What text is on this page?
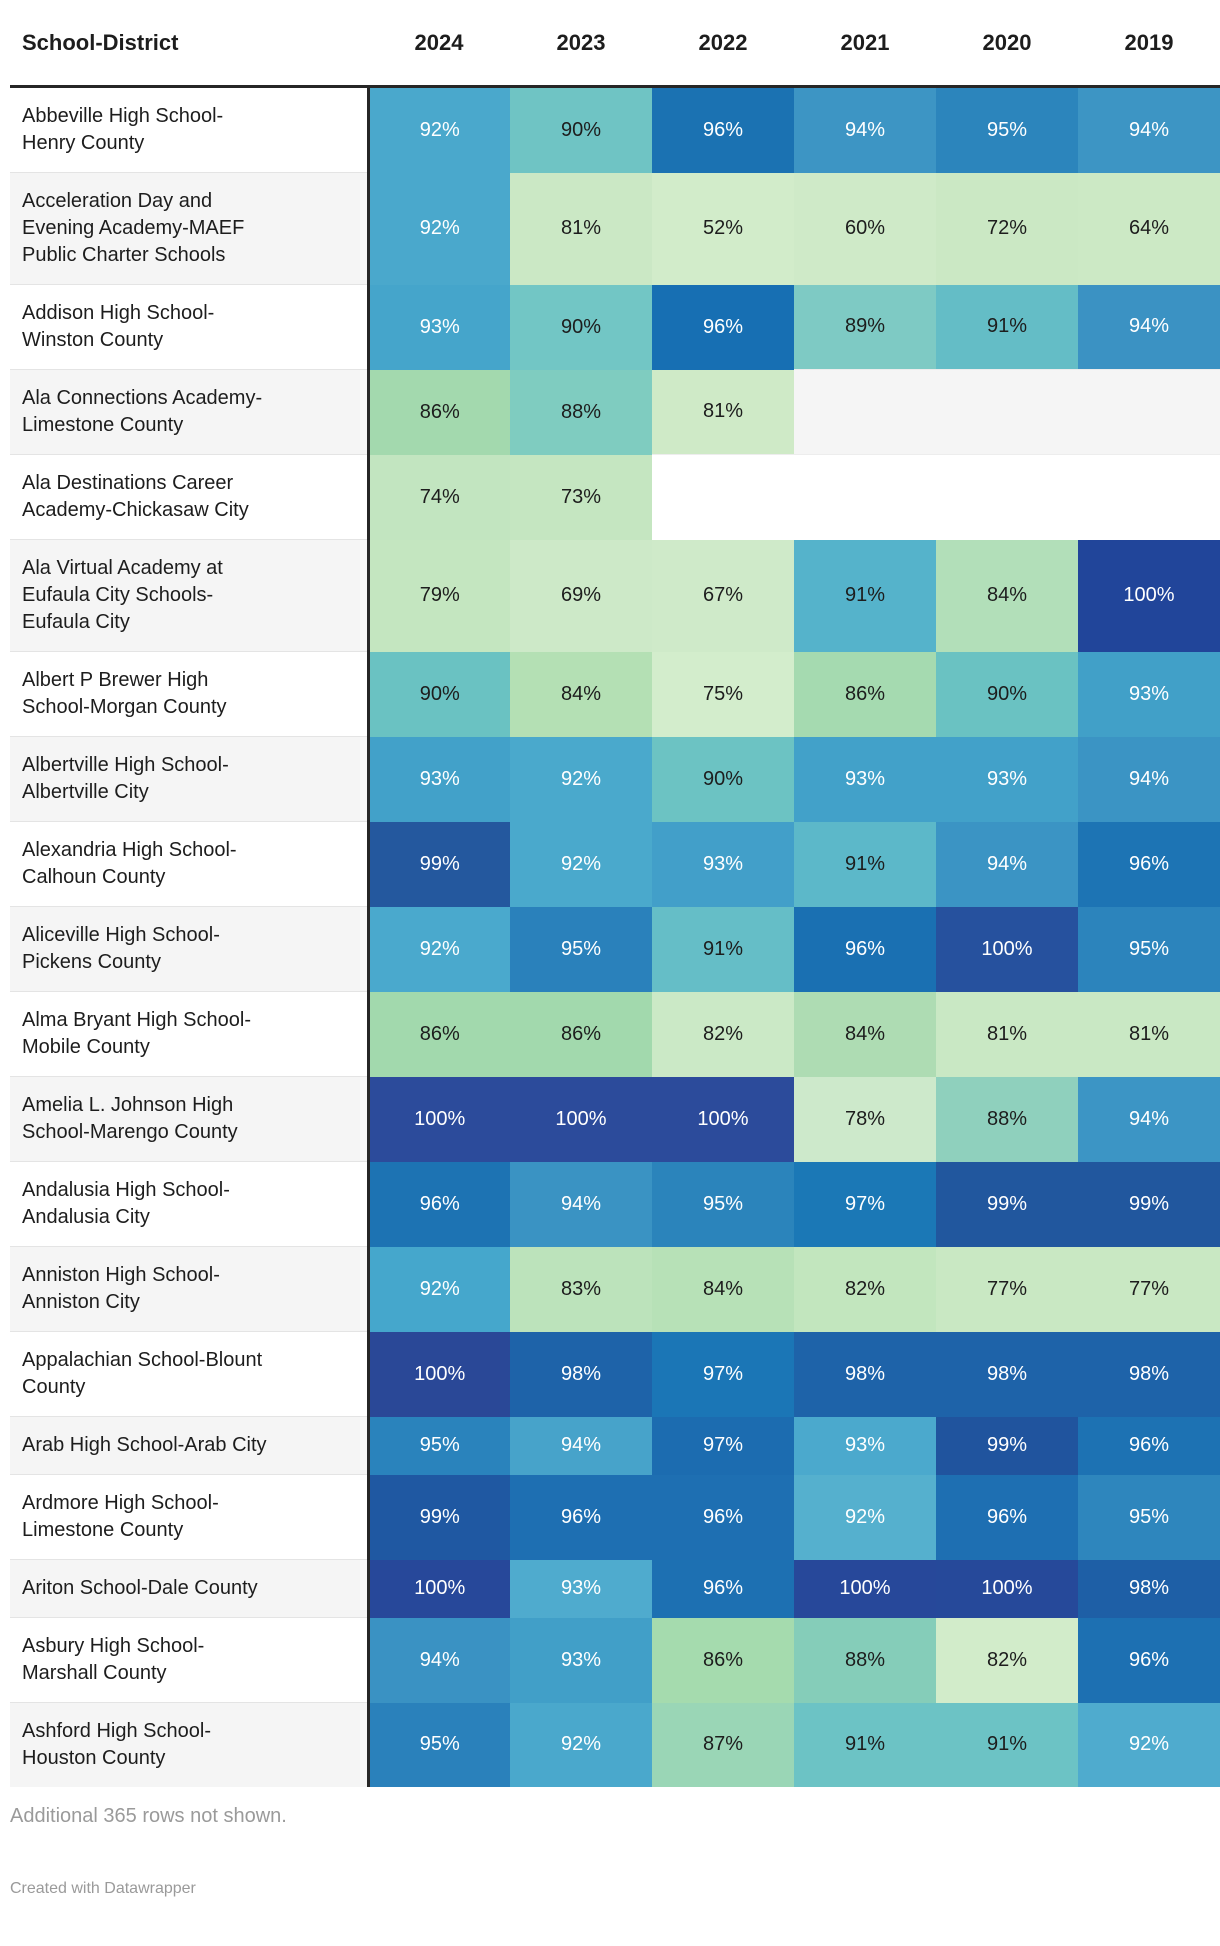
School-District	2024	2023	2022	2021	2020	2019
Abbeville High School-
Henry County	92%	90%	96%	94%	95%	94%
Acceleration Day and
Evening Academy-MAEF
Public Charter Schools	92%	81%	52%	60%	72%	64%
Addison High School-
Winston County	93%	90%	96%	89%	91%	94%
Ala Connections Academy-
Limestone County	86%	88%	81%			
Ala Destinations Career
Academy-Chickasaw City	74%	73%				
Ala Virtual Academy at
Eufaula City Schools-
Eufaula City	79%	69%	67%	91%	84%	100%
Albert P Brewer High
School-Morgan County	90%	84%	75%	86%	90%	93%
Albertville High School-
Albertville City	93%	92%	90%	93%	93%	94%
Alexandria High School-
Calhoun County	99%	92%	93%	91%	94%	96%
Aliceville High School-
Pickens County	92%	95%	91%	96%	100%	95%
Alma Bryant High School-
Mobile County	86%	86%	82%	84%	81%	81%
Amelia L. Johnson High
School-Marengo County	100%	100%	100%	78%	88%	94%
Andalusia High School-
Andalusia City	96%	94%	95%	97%	99%	99%
Anniston High School-
Anniston City	92%	83%	84%	82%	77%	77%
Appalachian School-Blount
County	100%	98%	97%	98%	98%	98%
Arab High School-Arab City	95%	94%	97%	93%	99%	96%
Ardmore High School-
Limestone County	99%	96%	96%	92%	96%	95%
Ariton School-Dale County	100%	93%	96%	100%	100%	98%
Asbury High School-
Marshall County	94%	93%	86%	88%	82%	96%
Ashford High School-
Houston County	95%	92%	87%	91%	91%	92%
Additional 365 rows not shown.
Created with Datawrapper
